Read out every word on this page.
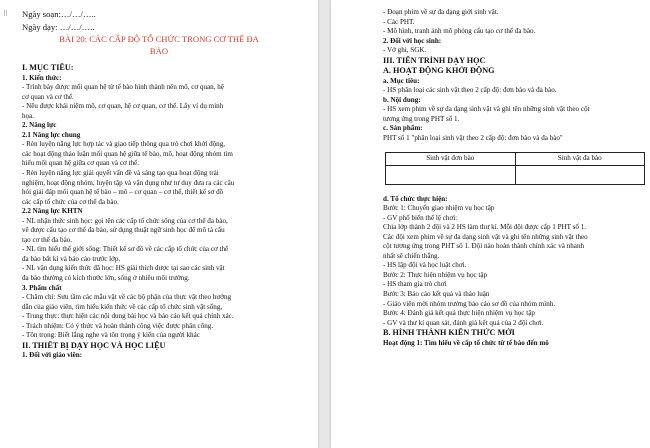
⠿ Ngày soạn:…/…/…..
Ngày dạy: …/…/…..
BÀI 20: CÁC CẤP ĐỘ TỔ CHỨC TRONG CƠ THỂ ĐA
BÀO
I. MỤC TIÊU:
1. Kiến thức:
- Trình bày được mối quan hệ từ tế bào hình thành nên mô, cơ quan, hệ
cơ quan và cơ thể.
- Nêu được khái niệm mô, cơ quan, hệ cơ quan, cơ thể. Lấy ví dụ minh
họa.
2. Năng lực
2.1 Năng lực chung
- Rèn luyện năng lực hợp tác và giao tiếp thông qua trò chơi khởi động,
các hoạt động thảo luận mối quan hệ giữa tế bào, mô, hoạt động nhóm tìm
hiểu mối quan hệ giữa cơ quan và cơ thể.
- Rèn luyện năng lực giải quyết vấn đề và sáng tạo qua hoạt động trải
nghiệm, hoạt động nhóm, luyện tập và vận dụng như tư duy đưa ra các câu
hỏi giải đáp mối quan hệ tế bào – mô – cơ quan – cơ thể, thiết kế sơ đồ
các cấp tổ chức của cơ thể đa bào.
2.2 Năng lực KHTN
- NL nhận thức sinh học: gọi tên các cấp tổ chức sống của cơ thể đa bào,
vẽ được cấu tạo cơ thể đa bào, sử dụng thuật ngữ sinh học để mô tả cấu
tạo cơ thể đa bào.
- NL tìm hiểu thế giới sống: Thiết kế sơ đồ về các cấp tổ chức của cơ thể
đa bào bất kì và báo cáo trước lớp.
- NL vận dụng kiến thức đã học: HS giải thích được tại sao các sinh vật
đa bào thường có kích thước lớn, sống ở nhiều môi trường.
3. Phẩm chất
- Chăm chỉ: Sưu tầm các mẫu vật về các bộ phận của thực vật theo hướng
dẫn của giáo viên, tìm hiểu kiến thức về các cấp tổ chức sinh vật sống,
- Trung thực: thực hiện các nội dung bài học và báo cáo kết quả chính xác.
- Trách nhiệm: Có ý thức và hoàn thành công việc được phân công.
- Tôn trọng: Biết lắng nghe và tôn trọng ý kiến của người khác
II. THIẾT BỊ DẠY HỌC VÀ HỌC LIỆU
1. Đối với giáo viên:
- Đoạn phim về sự đa dạng giới sinh vật.
- Các PHT.
- Mô hình, tranh ảnh mô phỏng cấu tạo cơ thể đa bào.
2. Đối với học sinh:
- Vở ghi, SGK.
III. TIẾN TRÌNH DẠY HỌC
A. HOẠT ĐỘNG KHỞI ĐỘNG
a. Mục tiêu:
- HS phân loại các sinh vật theo 2 cấp độ: đơn bào và đa bào.
b. Nội dung:
- HS xem phim về sự đa dạng sinh vật và ghi tên những sinh vật theo cột
tương ứng trong PHT số 1.
c. Sản phẩm:
PHT số 1 "phân loại sinh vật theo 2 cấp độ: đơn bào và đa bào"
Sinh vật đơn bào	Sinh vật đa bào

d. Tổ chức thực hiện:
Bước 1: Chuyển giao nhiệm vụ học tập
- GV phổ biến thể lệ chơi:
Chia lớp thành 2 đội và 2 HS làm thư kí. Mỗi đội được cấp 1 PHT số 1.
Các đội xem phim về sự đa dạng sinh vật và ghi tên những sinh vật theo
cột tương ứng trong PHT số 1. Đội nào hoàn thành chính xác và nhanh
nhất sẽ chiến thắng.
- HS lập đội và học luật chơi.
Bước 2: Thực hiện nhiệm vụ học tập
- HS tham gia trò chơi
Bước 3: Báo cáo kết quả và thảo luận
- Giáo viên mời nhóm trưởng báo cáo sơ đồ của nhóm mình.
Bước 4: Đánh giá kết quả thực hiện nhiệm vụ học tập
- GV và thư kí quan sát, đánh giá kết quả của 2 đội chơi.
B. HÌNH THÀNH KIẾN THỨC MỚI
Hoạt động 1: Tìm hiểu về cấp tổ chức từ tế bào đến mô
